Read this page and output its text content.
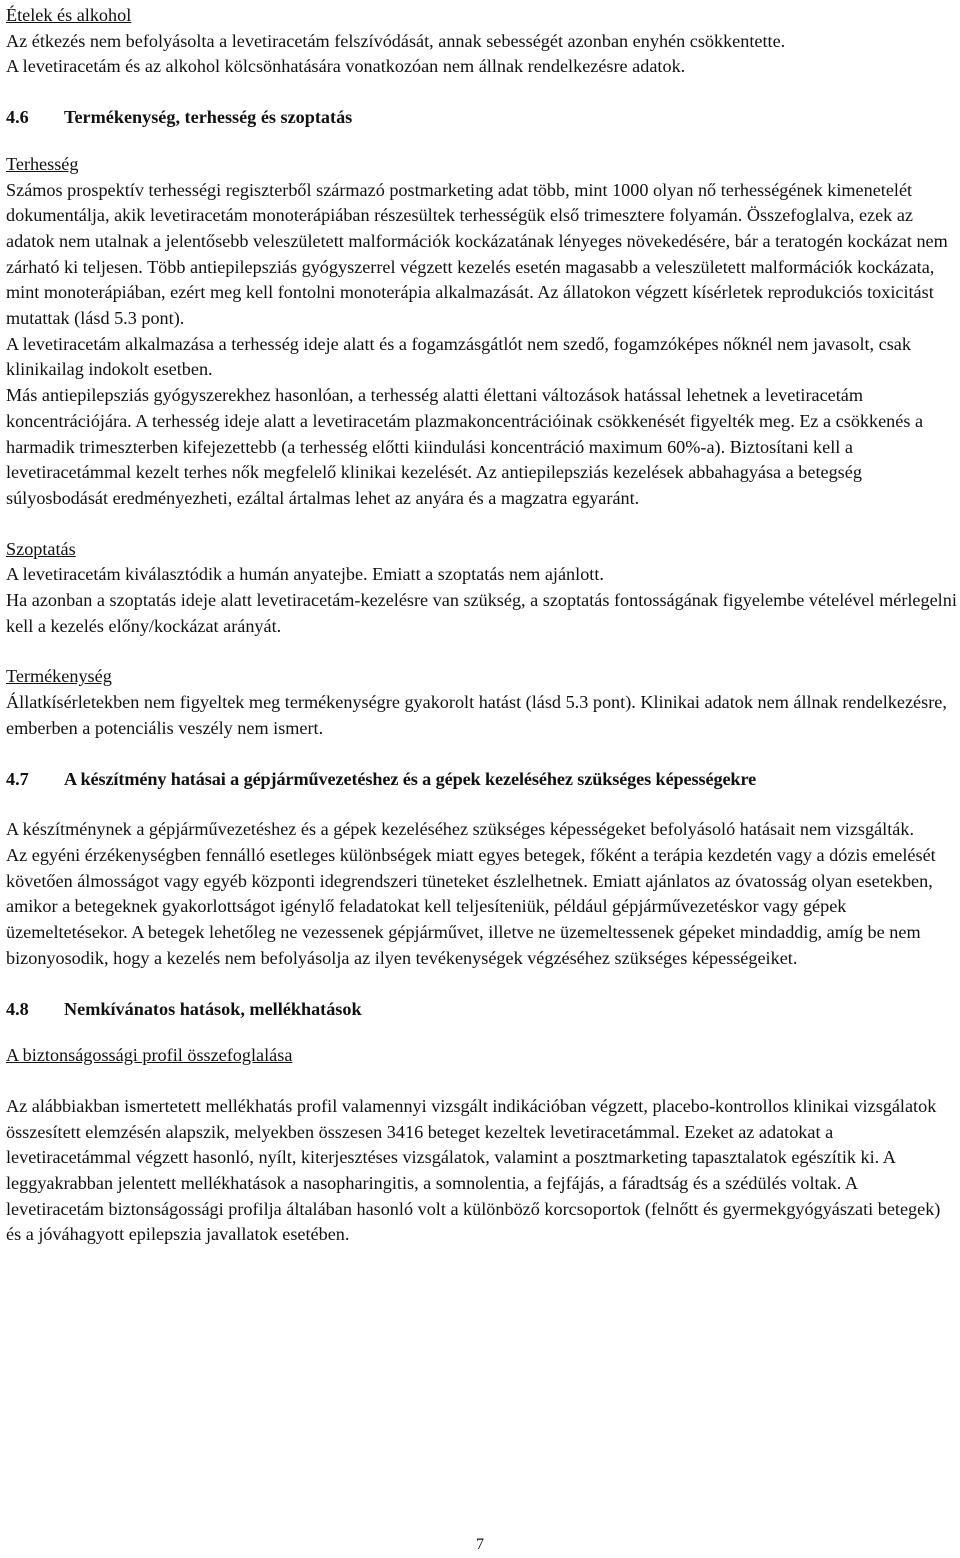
Ételek és alkohol

Az étkezés nem befolyásolta a levetiracetám felszívódását, annak sebességét azonban enyhén csökkentette.

A levetiracetám és az alkohol kölcsönhatására vonatkozóan nem állnak rendelkezésre adatok.

4.6	Termékenység, terhesség és szoptatás

Terhesség

Számos prospektív terhességi regiszterből származó postmarketing adat több, mint 1000 olyan nő terhességének kimenetelét dokumentálja, akik levetiracetám monoterápiában részesültek terhességük első trimesztere folyamán. Összefoglalva, ezek az adatok nem utalnak a jelentősebb veleszületett malformációk kockázatának lényeges növekedésére, bár a teratogén kockázat nem zárható ki teljesen. Több antiepilepsziás gyógyszerrel végzett kezelés esetén magasabb a veleszületett malformációk kockázata, mint monoterápiában, ezért meg kell fontolni monoterápia alkalmazását. Az állatokon végzett kísérletek reprodukciós toxicitást mutattak (lásd 5.3 pont).

A levetiracetám alkalmazása a terhesség ideje alatt és a fogamzásgátlót nem szedő, fogamzóképes nőknél nem javasolt, csak klinikailag indokolt esetben.

Más antiepilepsziás gyógyszerekhez hasonlóan, a terhesség alatti élettani változások hatással lehetnek a levetiracetám koncentrációjára. A terhesség ideje alatt a levetiracetám plazmakoncentrációinak csökkenését figyelték meg. Ez a csökkenés a harmadik trimeszterben kifejezettebb (a terhesség előtti kiindulási koncentráció maximum 60%-a). Biztosítani kell a levetiracetámmal kezelt terhes nők megfelelő klinikai kezelését. Az antiepilepsziás kezelések abbahagyása a betegség súlyosbodását eredményezheti, ezáltal ártalmas lehet az anyára és a magzatra egyaránt.

Szoptatás

A levetiracetám kiválasztódik a humán anyatejbe. Emiatt a szoptatás nem ajánlott.

Ha azonban a szoptatás ideje alatt levetiracetám-kezelésre van szükség, a szoptatás fontosságának figyelembe vételével mérlegelni kell a kezelés előny/kockázat arányát.

Termékenység

Állatkísérletekben nem figyeltek meg termékenységre gyakorolt hatást (lásd 5.3 pont). Klinikai adatok nem állnak rendelkezésre, emberben a potenciális veszély nem ismert.

4.7	A készítmény hatásai a gépjárművezetéshez és a gépek kezeléséhez szükséges képességekre

A készítménynek a gépjárművezetéshez és a gépek kezeléséhez szükséges képességeket befolyásoló hatásait nem vizsgálták.

Az egyéni érzékenységben fennálló esetleges különbségek miatt egyes betegek, főként a terápia kezdetén vagy a dózis emelését követően álmosságot vagy egyéb központi idegrendszeri tüneteket észlelhetnek. Emiatt ajánlatos az óvatosság olyan esetekben, amikor a betegeknek gyakorlottságot igénylő feladatokat kell teljesíteniük, például gépjárművezetéskor vagy gépek üzemeltetésekor. A betegek lehetőleg ne vezessenek gépjárművet, illetve ne üzemeltessenek gépeket mindaddig, amíg be nem bizonyosodik, hogy a kezelés nem befolyásolja az ilyen tevékenységek végzéséhez szükséges képességeiket.

4.8	Nemkívánatos hatások, mellékhatások

A biztonságossági profil összefoglalása

Az alábbiakban ismertetett mellékhatás profil valamennyi vizsgált indikációban végzett, placebo-kontrollos klinikai vizsgálatok összesített elemzésén alapszik, melyekben összesen 3416 beteget kezeltek levetiracetámmal. Ezeket az adatokat a levetiracetámmal végzett hasonló, nyílt, kiterjesztéses vizsgálatok, valamint a posztmarketing tapasztalatok egészítik ki. A leggyakrabban jelentett mellékhatások a nasopharingitis, a somnolentia, a fejfájás, a fáradtság és a szédülés voltak. A levetiracetám biztonságossági profilja általában hasonló volt a különböző korcsoportok (felnőtt és gyermekgyógyászati betegek) és a jóváhagyott epilepszia javallatok esetében.

7
